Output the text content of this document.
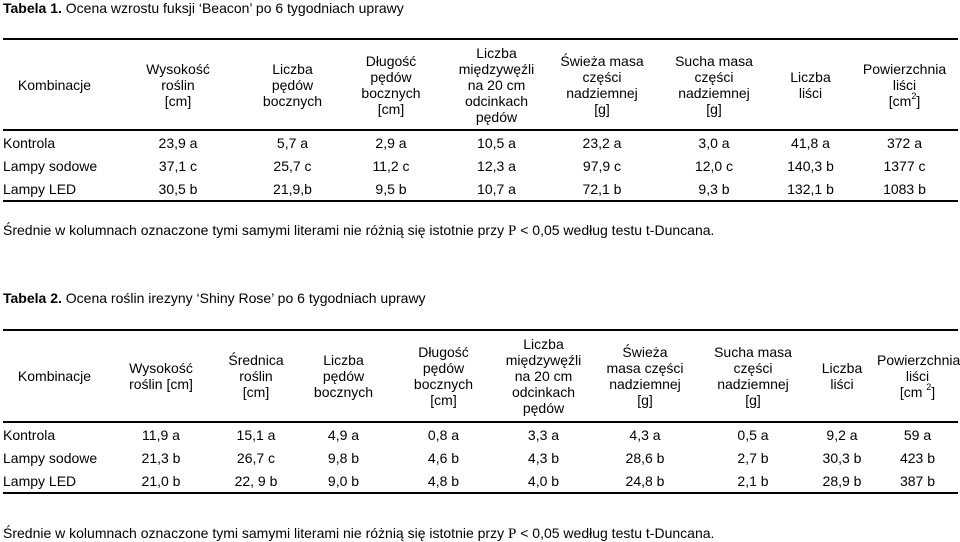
Tabela 1. Ocena wzrostu fuksji ‘Beacon’ po 6 tygodniach uprawy
Kombinacje	Wysokość
roślin
[cm]	Liczba
pędów
bocznych	Długość
pędów
bocznych
[cm]	Liczba
międzywęźli
na 20 cm
odcinkach
pędów	Świeża masa
części
nadziemnej
[g]	Sucha masa
części
nadziemnej
[g]	Liczba
liści	Powierzchnia
liści
$[cm^2]$
Kontrola	23,9 a	5,7 a	2,9 a	10,5 a	23,2 a	3,0 a	41,8 a	372 a
Lampy sodowe	37,1 c	25,7 c	11,2 c	12,3 a	97,9 c	12,0 c	140,3 b	1377 c
Lampy LED	30,5 b	21,9,b	9,5 b	10,7 a	72,1 b	9,3 b	132,1 b	1083 b
Średnie w kolumnach oznaczone tymi samymi literami nie różnią się istotnie przy P < 0,05 według testu t-Duncana.
Tabela 2. Ocena roślin irezyny ‘Shiny Rose’ po 6 tygodniach uprawy
Kombinacje	Wysokość
roślin [cm]	Średnica
roślin
[cm]	Liczba
pędów
bocznych	Długość
pędów
bocznych
[cm]	Liczba
międzywęźli
na 20 cm
odcinkach
pędów	Świeża
masa części
nadziemnej
[g]	Sucha masa
części
nadziemnej
[g]	Liczba
liści	Powierzchnia
liści
[cm $^2$]
Kontrola	11,9 a	15,1 a	4,9 a	0,8 a	3,3 a	4,3 a	0,5 a	9,2 a	59 a
Lampy sodowe	21,3 b	26,7 c	9,8 b	4,6 b	4,3 b	28,6 b	2,7 b	30,3 b	423 b
Lampy LED	21,0 b	22, 9 b	9,0 b	4,8 b	4,0 b	24,8 b	2,1 b	28,9 b	387 b
Średnie w kolumnach oznaczone tymi samymi literami nie różnią się istotnie przy P < 0,05 według testu t-Duncana.
